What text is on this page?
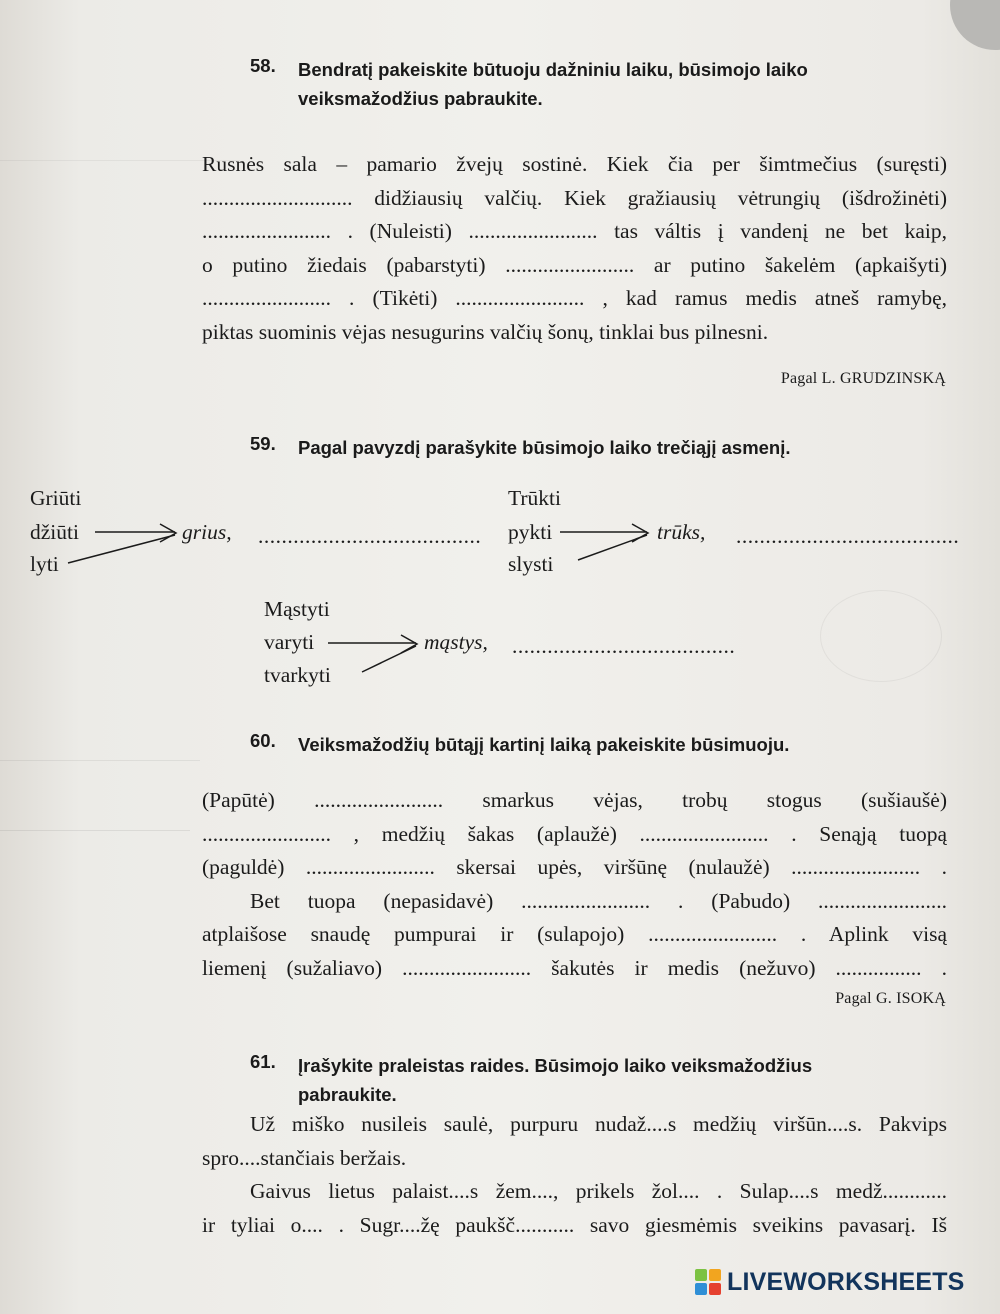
58. Bendratį pakeiskite būtuoju dažniniu laiku, būsimojo laiko
veiksmažodžius pabraukite.
Rusnės sala – pamario žvejų sostinė. Kiek čia per šimtmečius (suręsti)
............................ didžiausių valčių. Kiek gražiausių vėtrungių (išdrožinėti)
........................ . (Nuleisti) ........................ tas váltis į vandenį ne bet kaip,
o putino žiedais (pabarstyti) ........................ ar putino šakelėm (apkaišyti)
........................ . (Tikėti) ........................ , kad ramus medis atneš ramybę,
piktas suominis vėjas nesugurins valčių šonų, tinklai bus pilnesni.
Pagal L. GRUDZINSKĄ
59. Pagal pavyzdį parašykite būsimojo laiko trečiąjį asmenį.
Griūti
džiūti
lyti
grius, ......................................
Trūkti
pykti
slysti
trūks, ......................................
Mąstyti
varyti
tvarkyti
mąstys, ......................................
60. Veiksmažodžių būtąjį kartinį laiką pakeiskite būsimuoju.
(Papūtė) ........................ smarkus vėjas, trobų stogus (sušiaušė)
........................ , medžių šakas (aplaužė) ........................ . Senąją tuopą
(paguldė) ........................ skersai upės, viršūnę (nulaužė) ........................ .
Bet tuopa (nepasidavė) ........................ . (Pabudo) ........................
atplaišose snaudę pumpurai ir (sulapojo) ........................ . Aplink visą
liemenį (sužaliavo) ........................ šakutės ir medis (nežuvo) ................ .
Pagal G. ISOKĄ
61. Įrašykite praleistas raides. Būsimojo laiko veiksmažodžius
pabraukite.
Už miško nusileis saulė, purpuru nudaž....s medžių viršūn....s. Pakvips
spro....stančiais beržais.
Gaivus lietus palaist....s žem...., prikels žol.... . Sulap....s medž............
ir tyliai o.... . Sugr....žę paukšč........... savo giesmėmis sveikins pavasarį. Iš
LIVEWORKSHEETS
